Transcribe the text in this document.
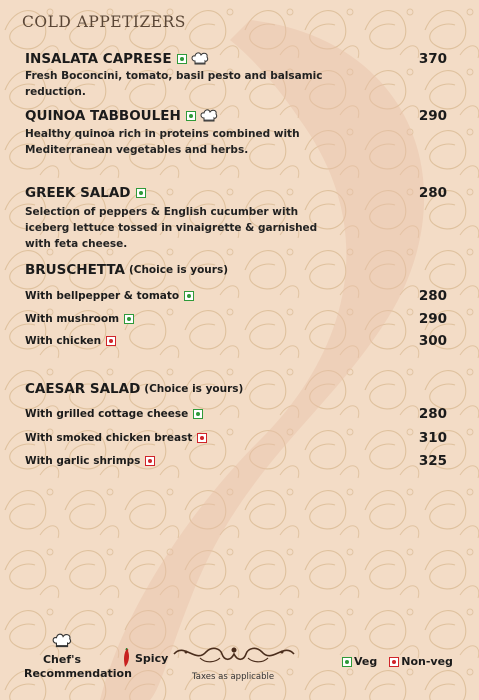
COLD APPETIZERS
INSALATA CAPRESE	370
Fresh Boconcini, tomato, basil pesto and balsamic reduction.
QUINOA TABBOULEH	290
Healthy quinoa rich in proteins combined with Mediterranean vegetables and herbs.
GREEK SALAD	280
Selection of peppers & English cucumber with iceberg lettuce tossed in vinaigrette & garnished with feta cheese.
BRUSCHETTA (Choice is yours)
With bellpepper & tomato	280
With mushroom	290
With chicken	300
CAESAR SALAD (Choice is yours)
With grilled cottage cheese	280
With smoked chicken breast	310
With garlic shrimps	325
Chef's
Recommendation
Spicy
Taxes as applicable
Veg Non-veg
